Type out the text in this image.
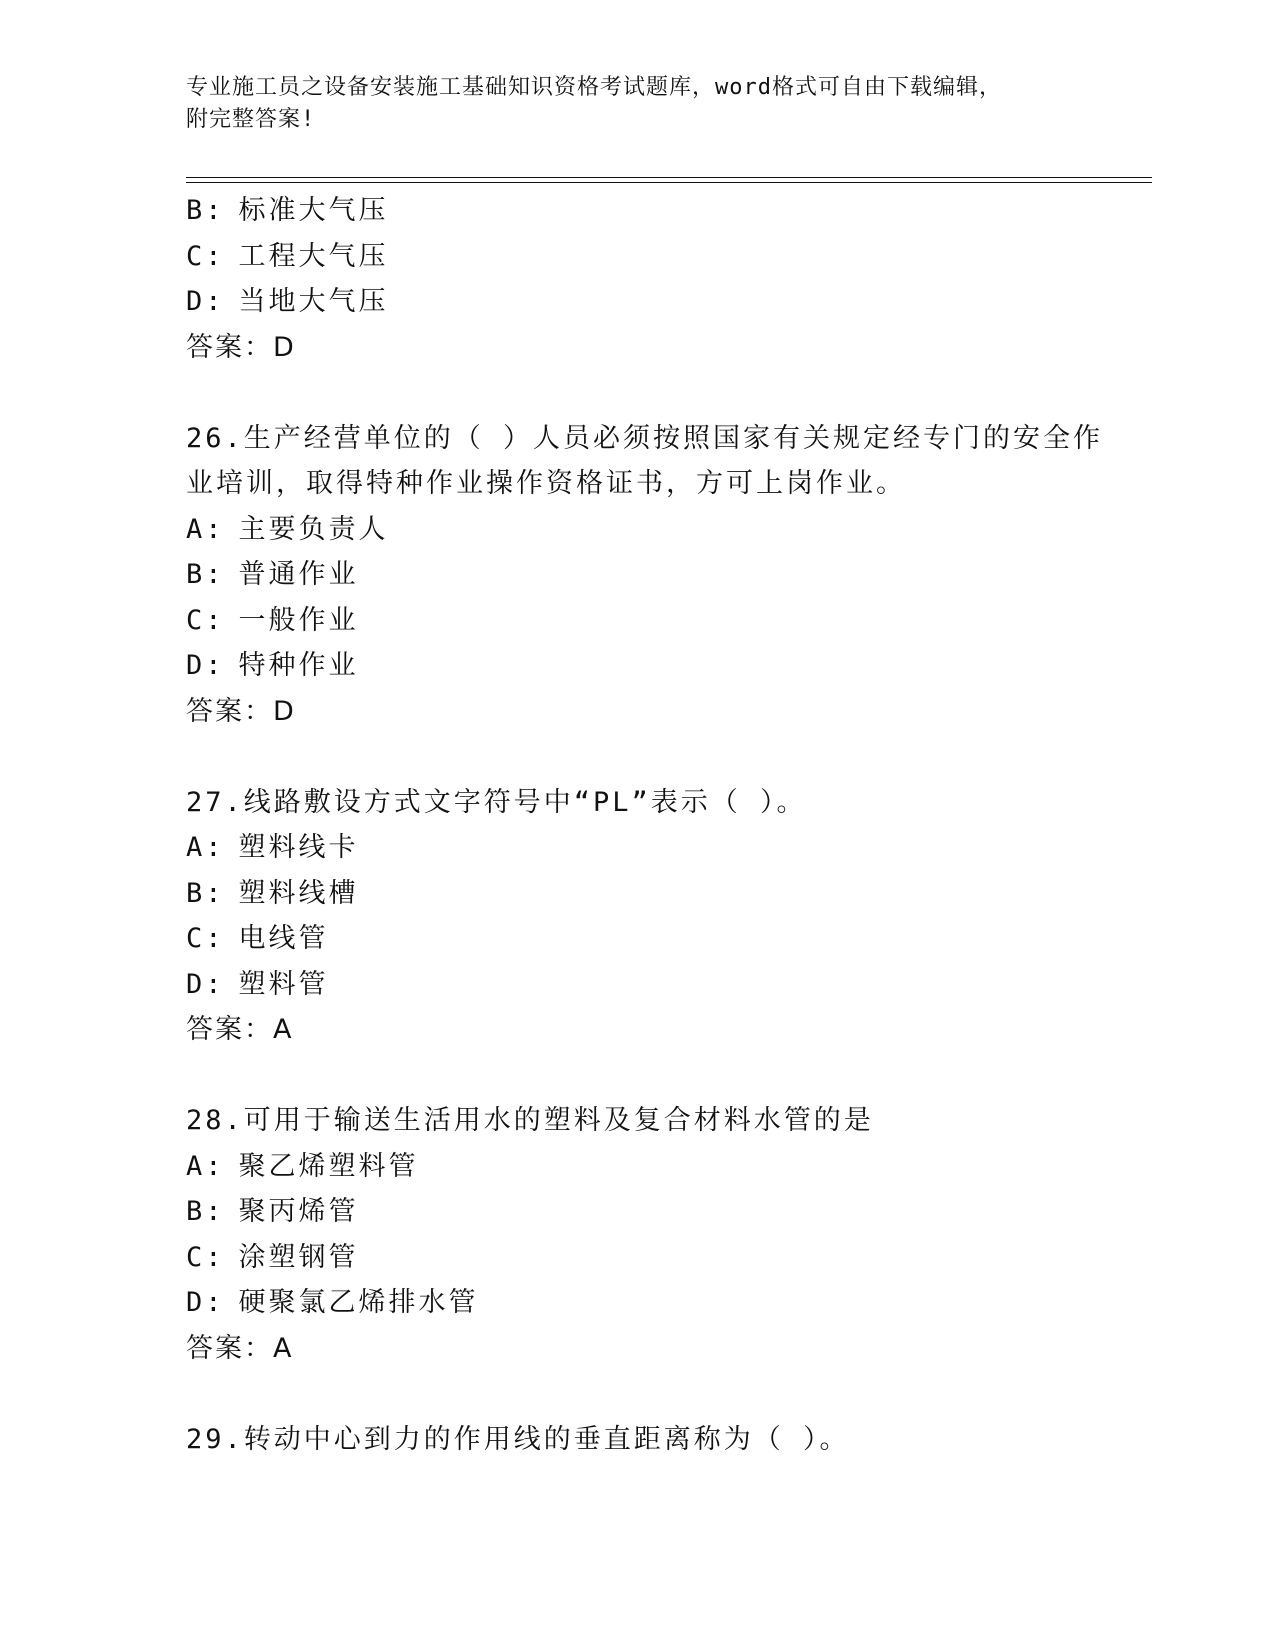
专业施工员之设备安装施工基础知识资格考试题库，word格式可自由下载编辑，
附完整答案!
B: 标准大气压
C: 工程大气压
D: 当地大气压
答案：D
26.生产经营单位的（ ）人员必须按照国家有关规定经专门的安全作
业培训，取得特种作业操作资格证书，方可上岗作业。
A: 主要负责人
B: 普通作业
C: 一般作业
D: 特种作业
答案：D
27.线路敷设方式文字符号中“PL”表示（ ）。
A: 塑料线卡
B: 塑料线槽
C: 电线管
D: 塑料管
答案：A
28.可用于输送生活用水的塑料及复合材料水管的是
A: 聚乙烯塑料管
B: 聚丙烯管
C: 涂塑钢管
D: 硬聚氯乙烯排水管
答案：A
29.转动中心到力的作用线的垂直距离称为（ ）。
